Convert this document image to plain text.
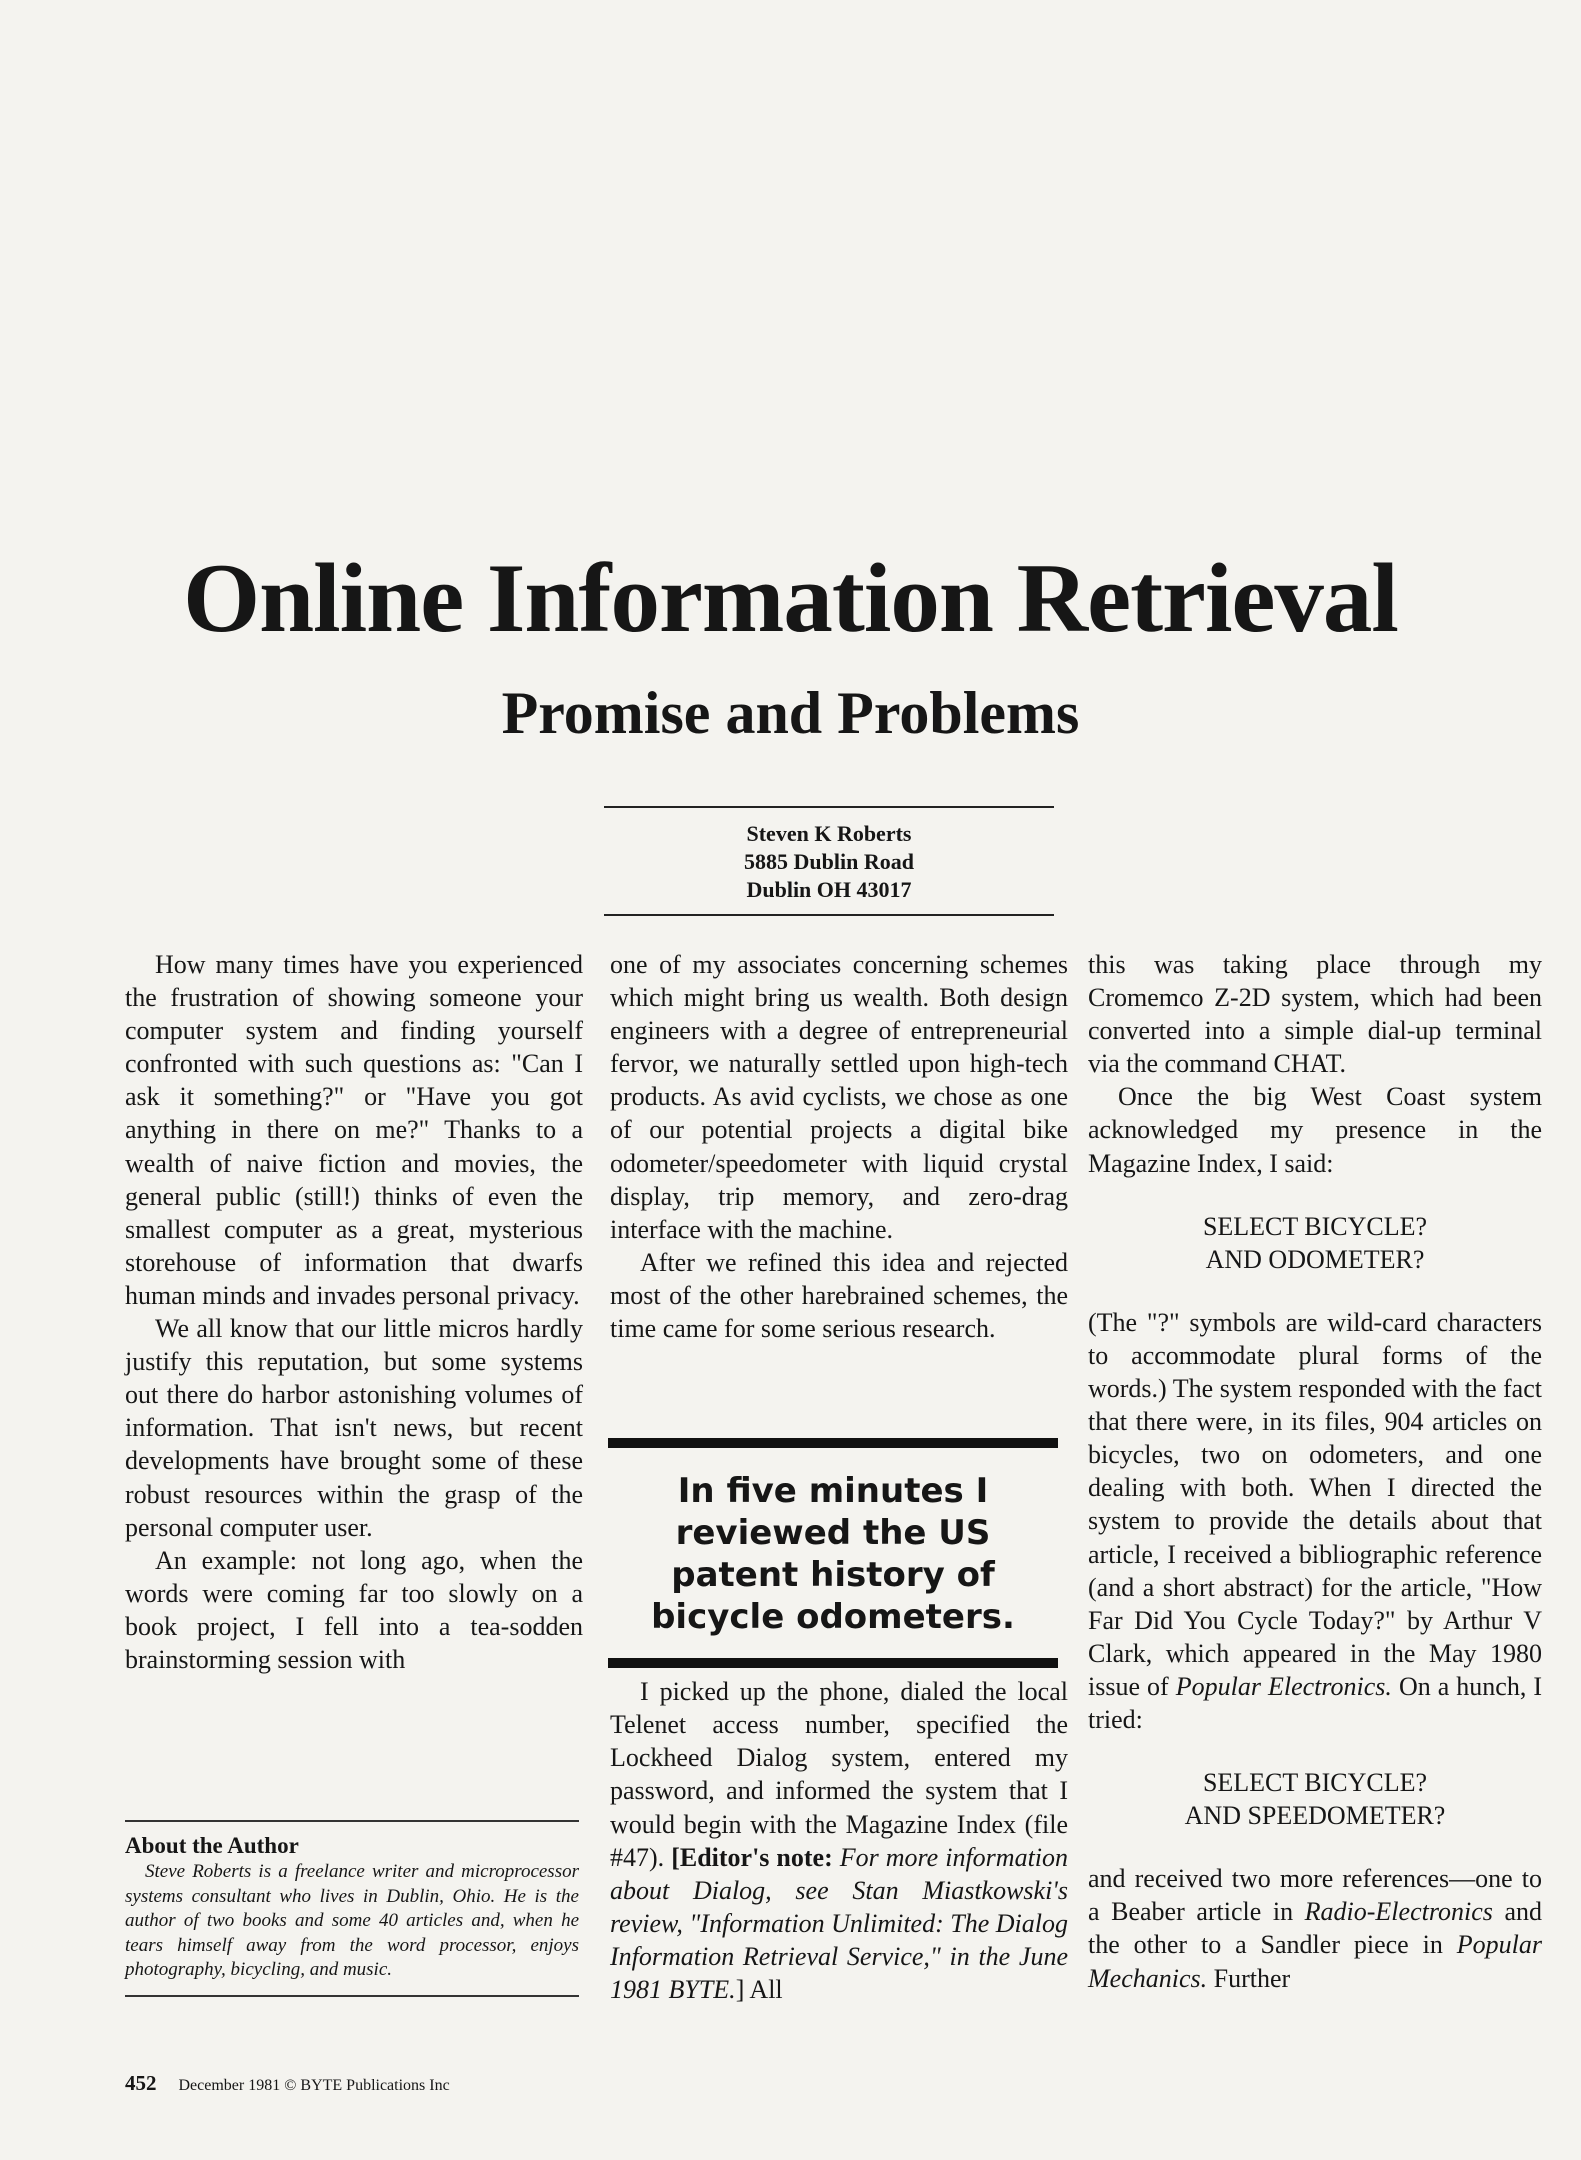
Online Information Retrieval
Promise and Problems
Steven K Roberts
5885 Dublin Road
Dublin OH 43017

How many times have you experienced the frustration of showing someone your computer system and finding yourself confronted with such questions as: "Can I ask it something?" or "Have you got anything in there on me?" Thanks to a wealth of naive fiction and movies, the general public (still!) thinks of even the smallest computer as a great, mysterious storehouse of information that dwarfs human minds and invades personal privacy.

We all know that our little micros hardly justify this reputation, but some systems out there do harbor astonishing volumes of information. That isn't news, but recent developments have brought some of these robust resources within the grasp of the personal computer user.

An example: not long ago, when the words were coming far too slowly on a book project, I fell into a tea-sodden brainstorming session with

About the Author
Steve Roberts is a freelance writer and microprocessor systems consultant who lives in Dublin, Ohio. He is the author of two books and some 40 articles and, when he tears himself away from the word processor, enjoys photography, bicycling, and music.

one of my associates concerning schemes which might bring us wealth. Both design engineers with a degree of entrepreneurial fervor, we naturally settled upon high-tech products. As avid cyclists, we chose as one of our potential projects a digital bike odometer/speedometer with liquid crystal display, trip memory, and zero-drag interface with the machine.

After we refined this idea and rejected most of the other harebrained schemes, the time came for some serious research.

I picked up the phone, dialed the local Telenet access number, specified the Lockheed Dialog system, entered my password, and informed the system that I would begin with the Magazine Index (file #47). [Editor's note: For more information about Dialog, see Stan Miastkowski's review, "Information Unlimited: The Dialog Information Retrieval Service," in the June 1981 BYTE.] All

In five minutes I reviewed the US patent history of bicycle odometers.

this was taking place through my Cromemco Z-2D system, which had been converted into a simple dial-up terminal via the command CHAT.

Once the big West Coast system acknowledged my presence in the Magazine Index, I said:

SELECT BICYCLE?
AND ODOMETER?

(The "?" symbols are wild-card characters to accommodate plural forms of the words.) The system responded with the fact that there were, in its files, 904 articles on bicycles, two on odometers, and one dealing with both. When I directed the system to provide the details about that article, I received a bibliographic reference (and a short abstract) for the article, "How Far Did You Cycle Today?" by Arthur V Clark, which appeared in the May 1980 issue of Popular Electronics. On a hunch, I tried:

SELECT BICYCLE?
AND SPEEDOMETER?

and received two more references—one to a Beaber article in Radio-Electronics and the other to a Sandler piece in Popular Mechanics. Further

452 December 1981 © BYTE Publications Inc
